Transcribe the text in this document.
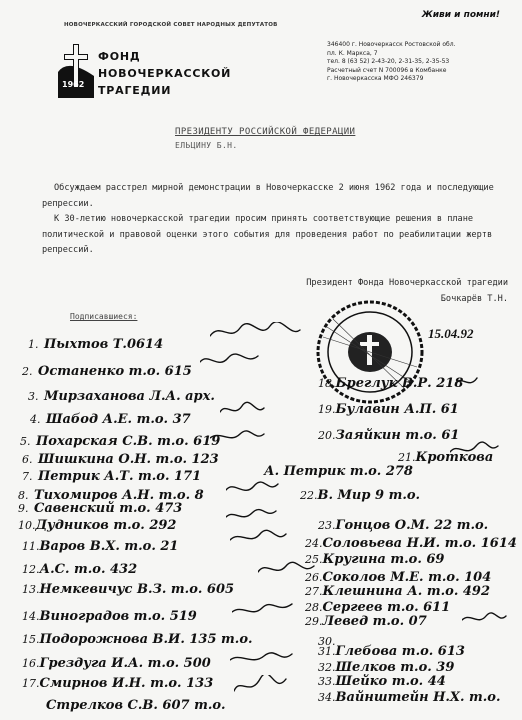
НОВОЧЕРКАССКИЙ ГОРОДСКОЙ СОВЕТ НАРОДНЫХ ДЕПУТАТОВ
Живи и помни!
1962
ФОНД
НОВОЧЕРКАССКОЙ
ТРАГЕДИИ
346400 г. Новочеркасск Ростовской обл.
пл. К. Маркса, 7
тел. 8 (63 52) 2-43-20, 2-31-35, 2-35-53
Расчетный счет N 700096 в Комбанке
г. Новочеркасска МФО 246379
ПРЕЗИДЕНТУ РОССИЙСКОЙ ФЕДЕРАЦИИ
ЕЛЬЦИНУ Б.Н.

Обсуждаем расстрел мирной демонстрации в Новочеркасске 2 июня 1962 года и последующие репрессии.

К 30-летию новочеркасской трагедии просим принять соответствующие решения в плане политической и правовой оценки этого события для проведения работ по реабилитации жертв репрессий.

Президент Фонда Новочеркасской трагедии
Бочкарёв Т.Н.
Подписавшиеся:
15.04.92
1. Пыхтов Т.0614
2. Останенко т.о. 615
3. Мирзаханова Л.А. арх.
4. Шабод А.Е. т.о. 37
5. Похарская С.В. т.о. 619
6. Шишкина О.Н. т.о. 123
7. Петрик А.Т. т.о. 171
8. Тихомиров А.Н. т.о. 8
9. Савенский т.о. 473
10.Дудников т.о. 292
11.Варов В.Х. т.о. 21
12.А.С. т.о. 432
13.Немкевичус В.З. т.о. 605
14.Виноградов т.о. 519
15.Подорожнова В.И. 135 т.о.
16.Грездуга И.А. т.о. 500
17.Смирнов И.Н. т.о. 133
Стрелков С.В. 607 т.о.
18.Бреглук В.Р. 218
19.Булавин А.П. 61
20.Заяйкин т.о. 61
21.Кроткова
А. Петрик т.о. 278
22.В. Мир 9 т.о.
23.Гонцов О.М. 22 т.о.
24.Соловьева Н.И. т.о. 1614
25.Кругина т.о. 69
26.Соколов М.Е. т.о. 104
27.Клешнина А. т.о. 492
28.Сергеев т.о. 611
29.Левед т.о. 07
30.
31.Глебова т.о. 613
32.Шелков т.о. 39
33.Шейко т.о. 44
34.Вайнштейн Н.Х. т.о.
